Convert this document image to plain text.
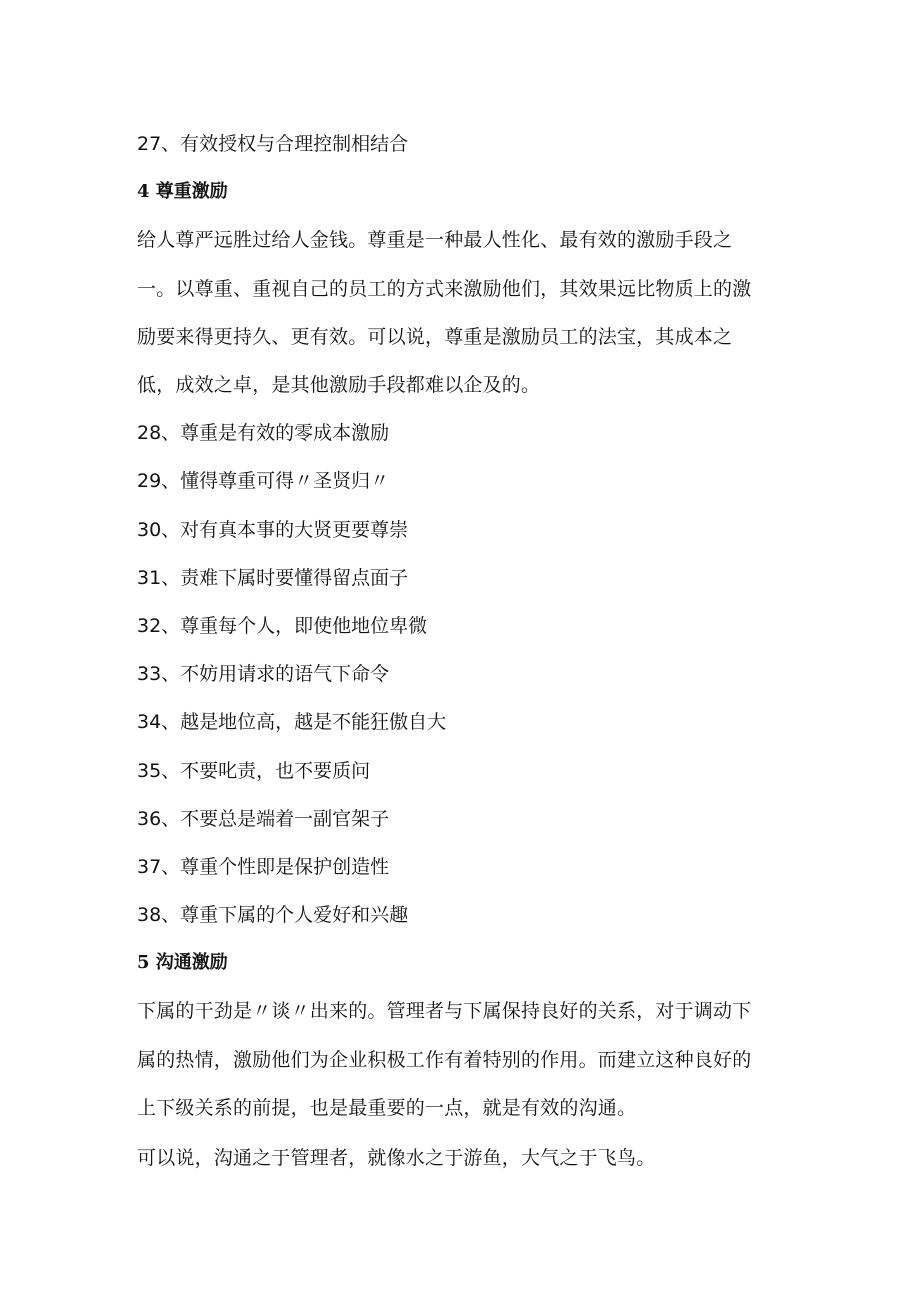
27、有效授权与合理控制相结合
4 尊重激励
给人尊严远胜过给人金钱。尊重是一种最人性化、最有效的激励手段之
一。以尊重、重视自己的员工的方式来激励他们，其效果远比物质上的激
励要来得更持久、更有效。可以说，尊重是激励员工的法宝，其成本之
低，成效之卓，是其他激励手段都难以企及的。
28、尊重是有效的零成本激励
29、懂得尊重可得〃圣贤归〃
30、对有真本事的大贤更要尊崇
31、责难下属时要懂得留点面子
32、尊重每个人，即使他地位卑微
33、不妨用请求的语气下命令
34、越是地位高，越是不能狂傲自大
35、不要叱责，也不要质问
36、不要总是端着一副官架子
37、尊重个性即是保护创造性
38、尊重下属的个人爱好和兴趣
5 沟通激励
下属的干劲是〃谈〃出来的。管理者与下属保持良好的关系，对于调动下
属的热情，激励他们为企业积极工作有着特别的作用。而建立这种良好的
上下级关系的前提，也是最重要的一点，就是有效的沟通。
可以说，沟通之于管理者，就像水之于游鱼，大气之于飞鸟。
